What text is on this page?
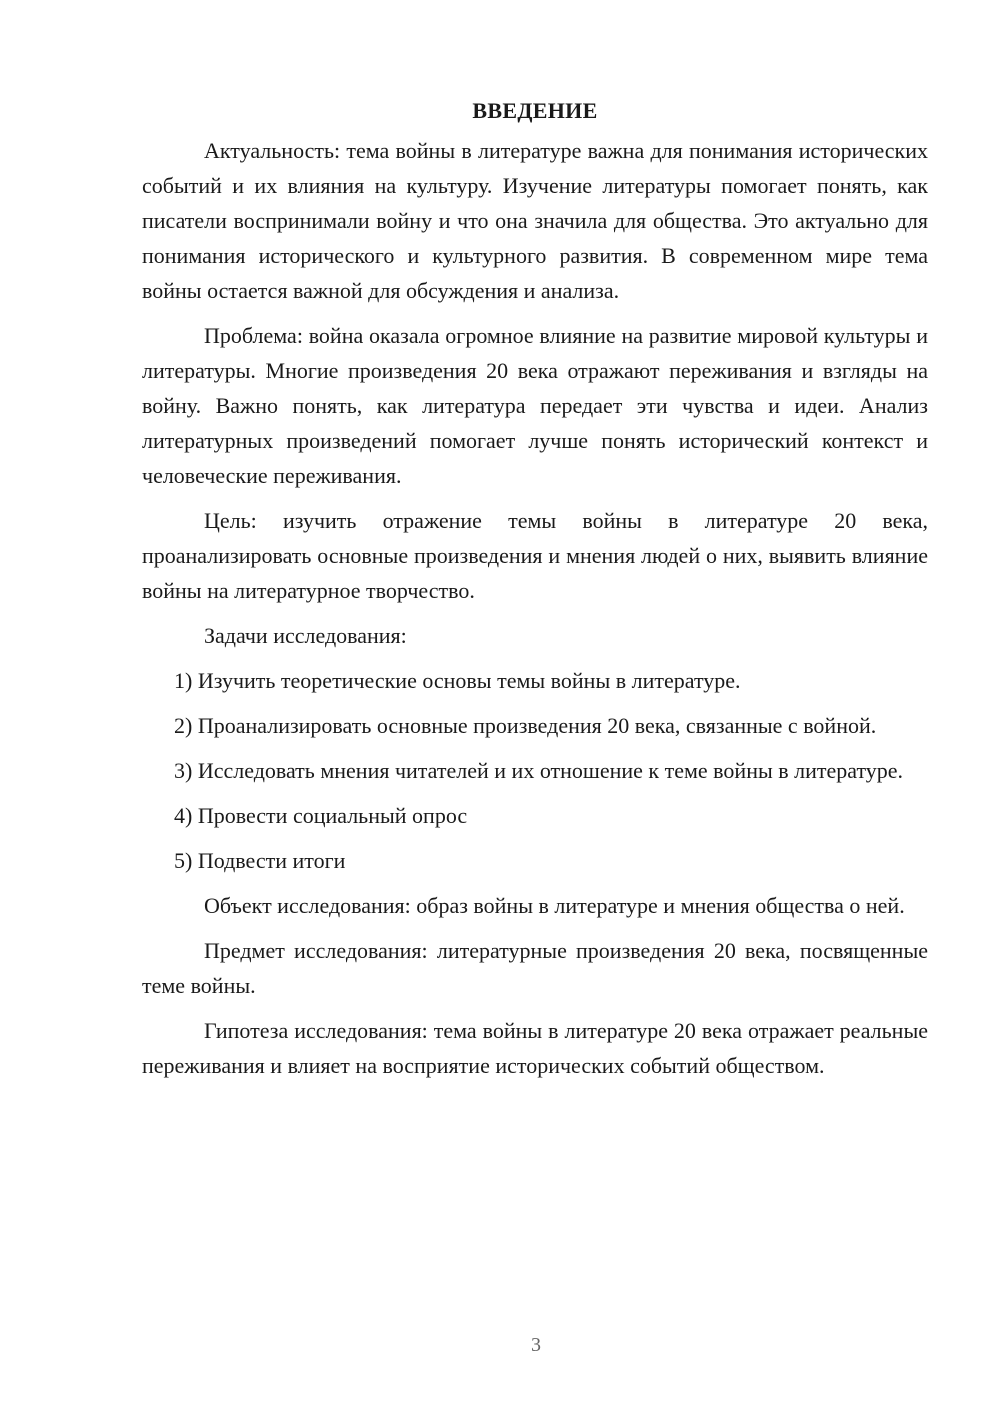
ВВЕДЕНИЕ

Актуальность: тема войны в литературе важна для понимания исторических событий и их влияния на культуру. Изучение литературы помогает понять, как писатели воспринимали войну и что она значила для общества. Это актуально для понимания исторического и культурного развития. В современном мире тема войны остается важной для обсуждения и анализа.

Проблема: война оказала огромное влияние на развитие мировой культуры и литературы. Многие произведения 20 века отражают переживания и взгляды на войну. Важно понять, как литература передает эти чувства и идеи. Анализ литературных произведений помогает лучше понять исторический контекст и человеческие переживания.

Цель: изучить отражение темы войны в литературе 20 века, проанализировать основные произведения и мнения людей о них, выявить влияние войны на литературное творчество.

Задачи исследования:

1) Изучить теоретические основы темы войны в литературе.

2) Проанализировать основные произведения 20 века, связанные с войной.

3) Исследовать мнения читателей и их отношение к теме войны в литературе.

4) Провести социальный опрос

5) Подвести итоги

Объект исследования: образ войны в литературе и мнения общества о ней.

Предмет исследования: литературные произведения 20 века, посвященные теме войны.

Гипотеза исследования: тема войны в литературе 20 века отражает реальные переживания и влияет на восприятие исторических событий обществом.

3
